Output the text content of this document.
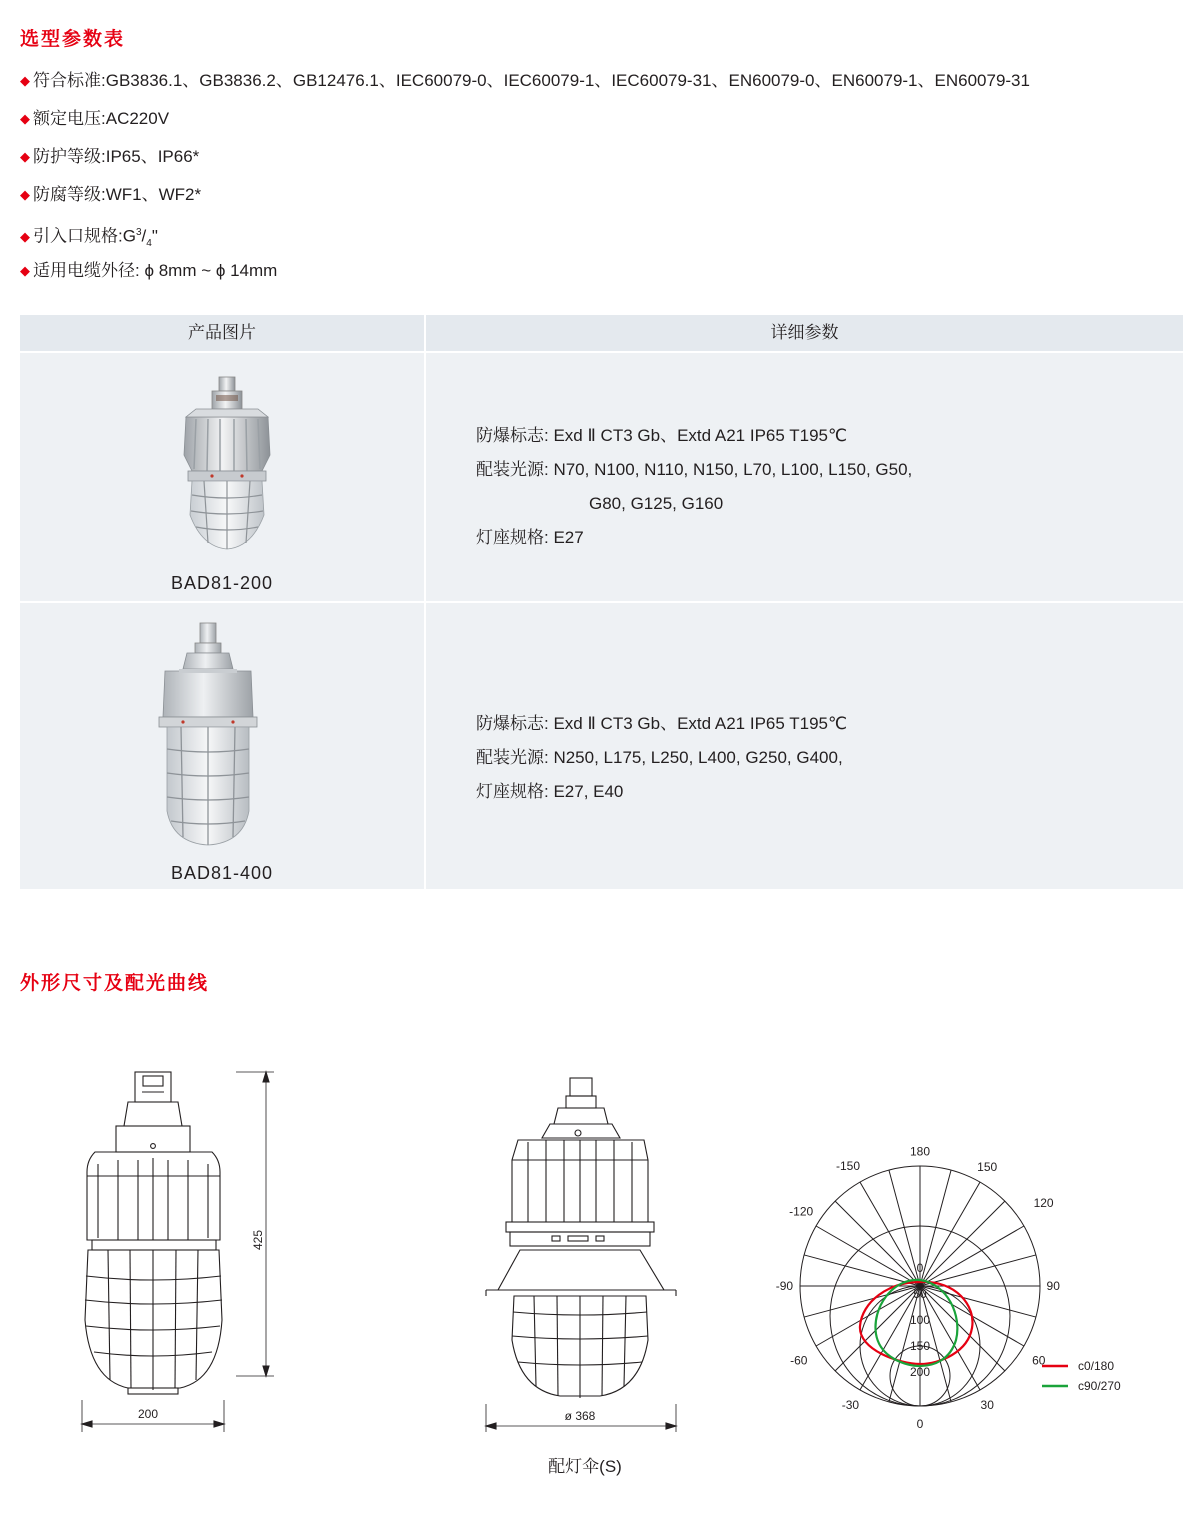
选型参数表
◆ 符合标准:GB3836.1、GB3836.2、GB12476.1、IEC60079-0、IEC60079-1、IEC60079-31、EN60079-0、EN60079-1、EN60079-31
◆ 额定电压:AC220V
◆ 防护等级:IP65、IP66*
◆ 防腐等级:WF1、WF2*
◆ 引入口规格$:G^3/_4$"
◆ 适用电缆外径: ϕ 8mm ~ ϕ 14mm
产品图片	详细参数
BAD81-200
防爆标志: Exd Ⅱ CT3 Gb、Extd A21 IP65 T195℃
配装光源: N70, N100, N110, N150, L70, L100, L150, G50,
G80, G125, G160
灯座规格: E27
BAD81-400
防爆标志: Exd Ⅱ CT3 Gb、Extd A21 IP65 T195℃
配装光源: N250, L175, L250, L400, G250, G400,
灯座规格: E27, E40
外形尺寸及配光曲线
425
200	ø 368
180
150
120
90
60
30
0
-30
-60
-90
-120
-150
0
50
100
150
200	c0/180
c90/270
配灯伞(S)
